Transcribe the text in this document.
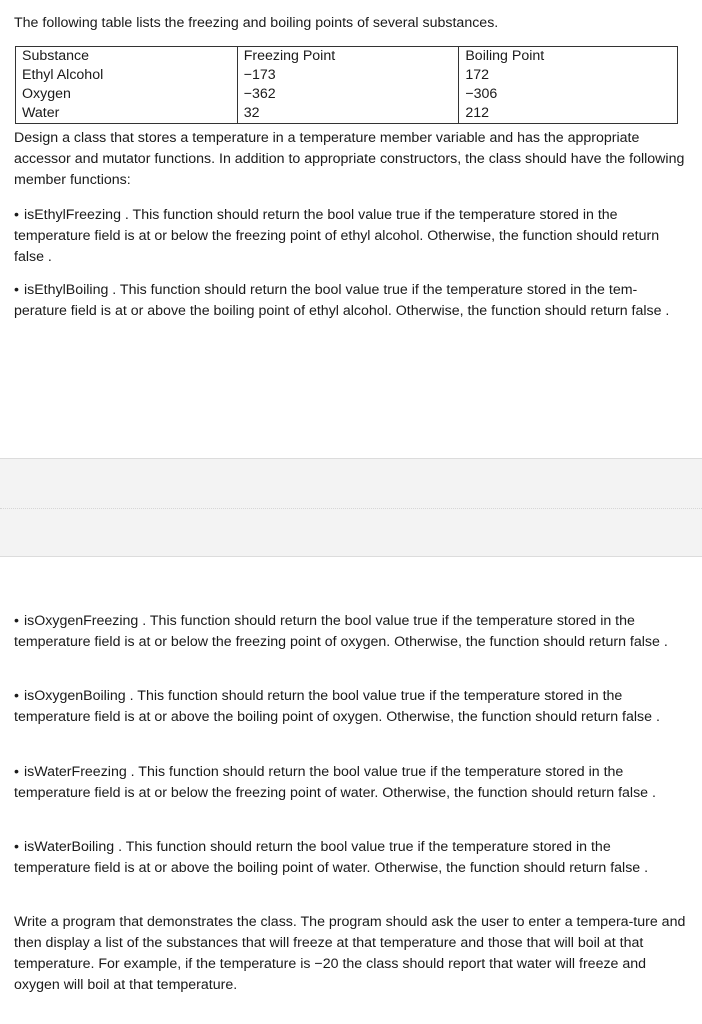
The following table lists the freezing and boiling points of several substances.

Substance	Freezing Point	Boiling Point
Ethyl Alcohol	−173	172
Oxygen	−362	−306
Water	32	212

Design a class that stores a temperature in a temperature member variable and has the appropriate accessor and mutator functions. In addition to appropriate constructors, the class should have the following member functions:

• isEthylFreezing . This function should return the bool value true if the temperature stored in the temperature field is at or below the freezing point of ethyl alcohol. Otherwise, the function should return false .

• isEthylBoiling . This function should return the bool value true if the temperature stored in the tem-perature field is at or above the boiling point of ethyl alcohol. Otherwise, the function should return false .

• isOxygenFreezing . This function should return the bool value true if the temperature stored in the temperature field is at or below the freezing point of oxygen. Otherwise, the function should return false .

• isOxygenBoiling . This function should return the bool value true if the temperature stored in the temperature field is at or above the boiling point of oxygen. Otherwise, the function should return false .

• isWaterFreezing . This function should return the bool value true if the temperature stored in the temperature field is at or below the freezing point of water. Otherwise, the function should return false .

• isWaterBoiling . This function should return the bool value true if the temperature stored in the temperature field is at or above the boiling point of water. Otherwise, the function should return false .

Write a program that demonstrates the class. The program should ask the user to enter a tempera-ture and then display a list of the substances that will freeze at that temperature and those that will boil at that temperature. For example, if the temperature is −20 the class should report that water will freeze and oxygen will boil at that temperature.
